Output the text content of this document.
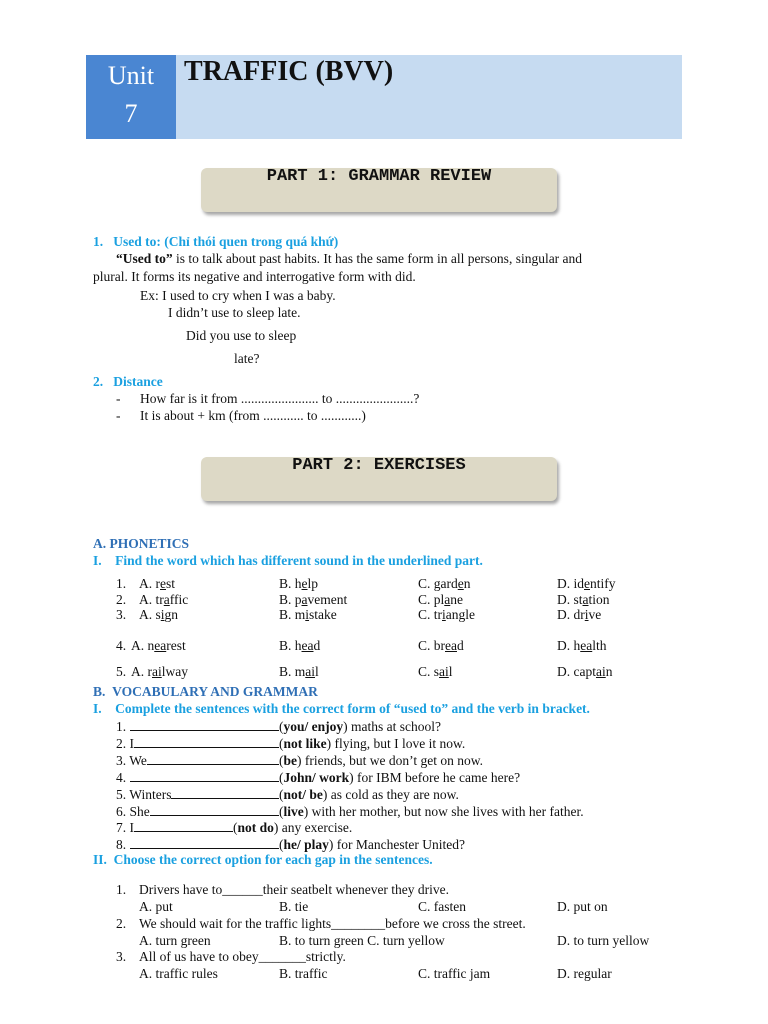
Unit
7
TRAFFIC (BVV)
PART 1: GRAMMAR REVIEW
1. Used to: (Chỉ thói quen trong quá khứ)
“Used to” is to talk about past habits. It has the same form in all persons, singular and
plural. It forms its negative and interrogative form with did.
Ex: I used to cry when I was a baby.
I didn’t use to sleep late.
Did you use to sleep
late?
2. Distance
- How far is it from ....................... to .......................?
- It is about + km (from ............ to ............)
PART 2: EXERCISES
A. PHONETICS
I. Find the word which has different sound in the underlined part.
1. A. rest	B. help	C. garden	D. identify
2. A. traffic	B. pavement	C. plane	D. station
3. A. sign	B. mistake	C. triangle	D. drive
4. A. nearest	B. head	C. bread	D. health
5. A. railway	B. mail	C. sail	D. captain
B. VOCABULARY AND GRAMMAR
I. Complete the sentences with the correct form of “used to” and the verb in bracket.
1.	(you/ enjoy) maths at school?
2. I	(not like) flying, but I love it now.
3. We	(be) friends, but we don’t get on now.
4.	(John/ work) for IBM before he came here?
5. Winters	(not/ be) as cold as they are now.
6. She	(live) with her mother, but now she lives with her father.
7. I	(not do) any exercise.
8.	(he/ play) for Manchester United?
II. Choose the correct option for each gap in the sentences.
1. Drivers have to______their seatbelt whenever they drive.
A. put	B. tie	C. fasten	D. put on
2. We should wait for the traffic lights________before we cross the street.
A. turn green	B. to turn green C. turn yellow	D. to turn yellow
3. All of us have to obey_______strictly.
A. traffic rules	B. traffic	C. traffic jam	D. regular
